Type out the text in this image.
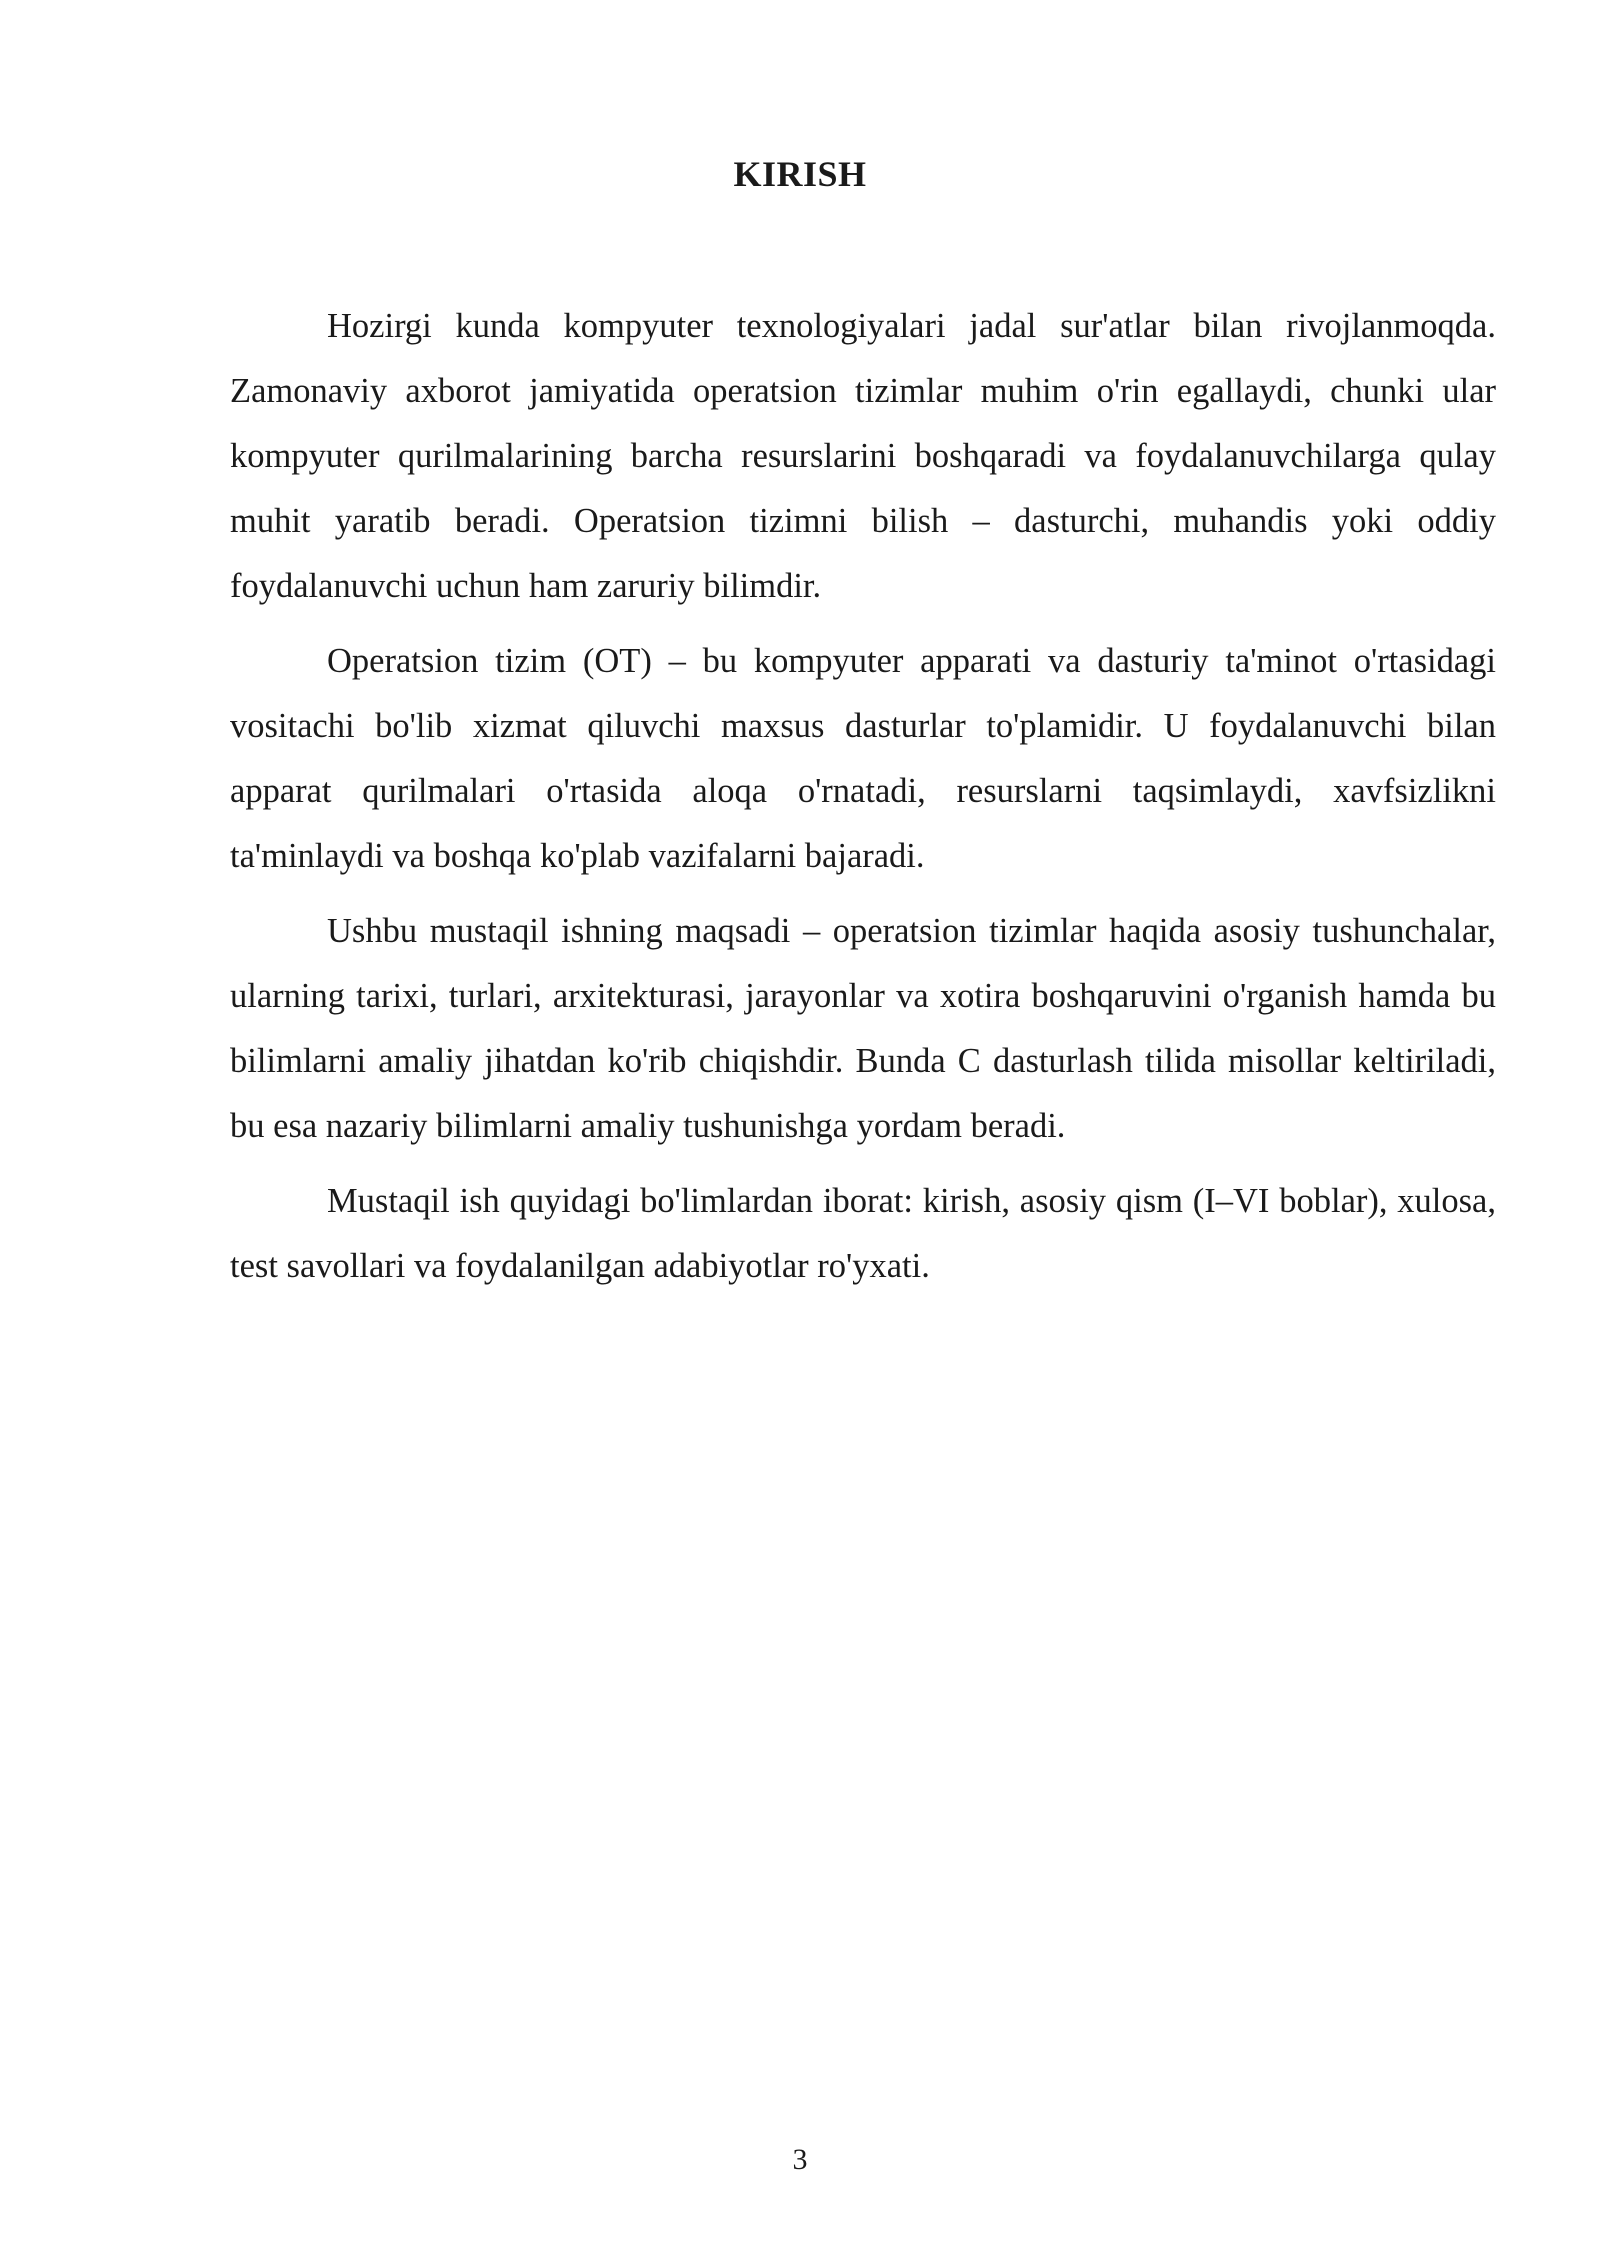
KIRISH

Hozirgi kunda kompyuter texnologiyalari jadal sur'atlar bilan rivojlanmoqda. Zamonaviy axborot jamiyatida operatsion tizimlar muhim o'rin egallaydi, chunki ular kompyuter qurilmalarining barcha resurslarini boshqaradi va foydalanuvchilarga qulay muhit yaratib beradi. Operatsion tizimni bilish – dasturchi, muhandis yoki oddiy foydalanuvchi uchun ham zaruriy bilimdir.

Operatsion tizim (OT) – bu kompyuter apparati va dasturiy ta'minot o'rtasidagi vositachi bo'lib xizmat qiluvchi maxsus dasturlar to'plamidir. U foydalanuvchi bilan apparat qurilmalari o'rtasida aloqa o'rnatadi, resurslarni taqsimlaydi, xavfsizlikni ta'minlaydi va boshqa ko'plab vazifalarni bajaradi.

Ushbu mustaqil ishning maqsadi – operatsion tizimlar haqida asosiy tushunchalar, ularning tarixi, turlari, arxitekturasi, jarayonlar va xotira boshqaruvini o'rganish hamda bu bilimlarni amaliy jihatdan ko'rib chiqishdir. Bunda C dasturlash tilida misollar keltiriladi, bu esa nazariy bilimlarni amaliy tushunishga yordam beradi.

Mustaqil ish quyidagi bo'limlardan iborat: kirish, asosiy qism (I–VI boblar), xulosa, test savollari va foydalanilgan adabiyotlar ro'yxati.

3
